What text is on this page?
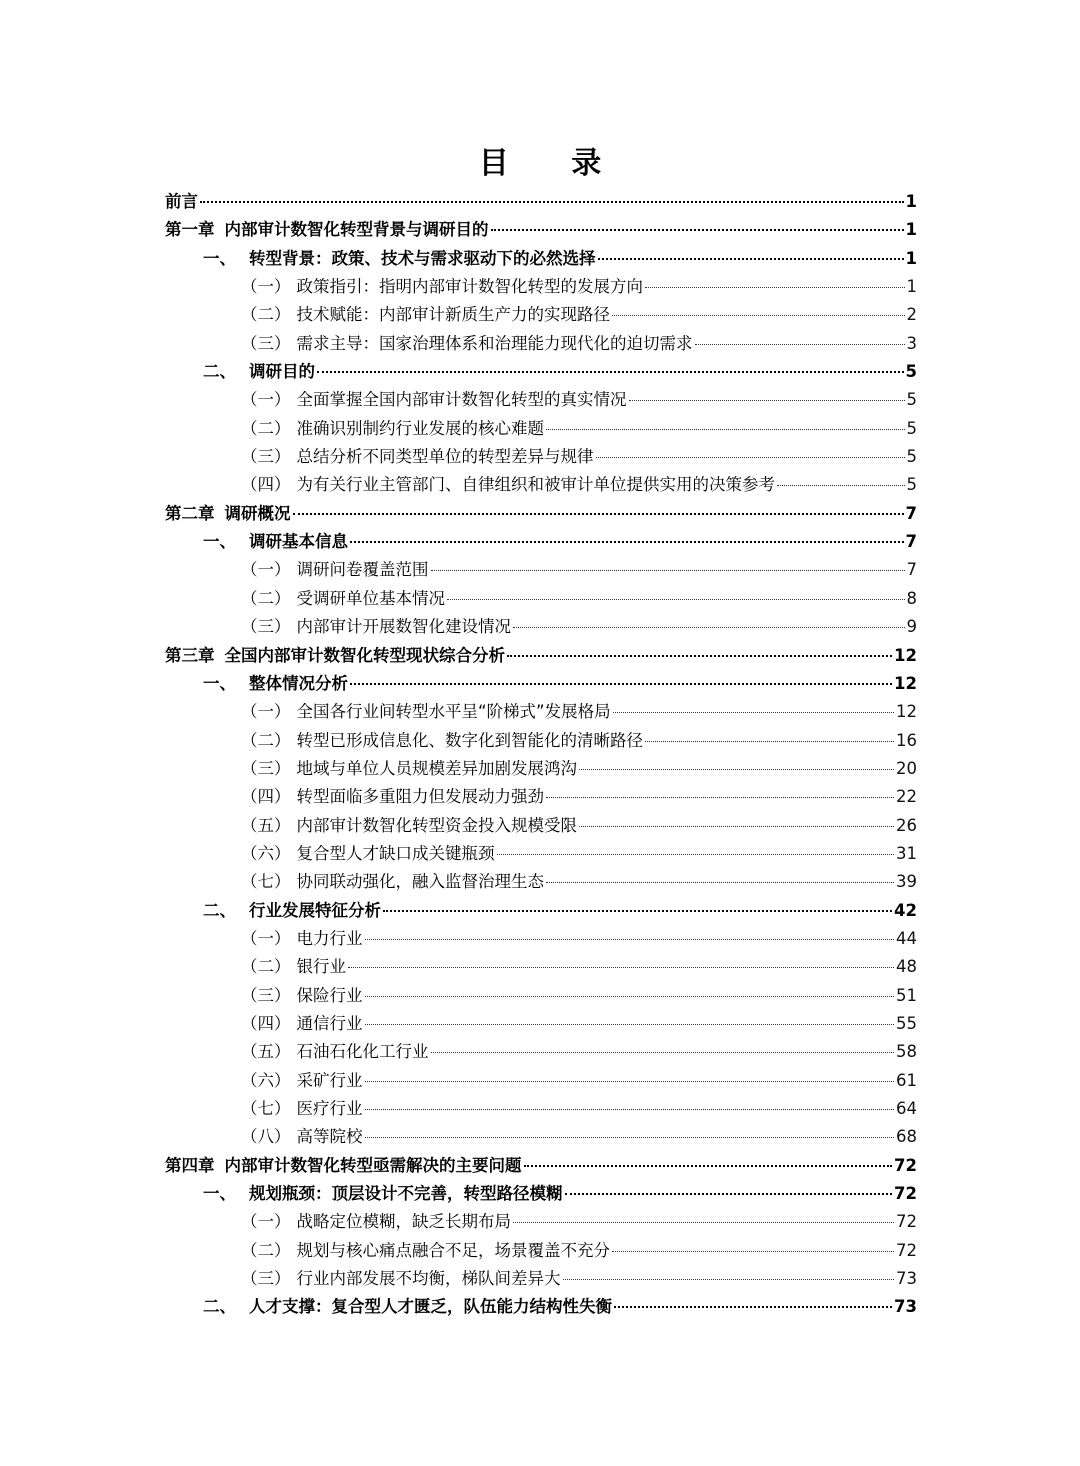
目 录
前言	1
第一章 内部审计数智化转型背景与调研目的	1
一、 转型背景：政策、技术与需求驱动下的必然选择	1
（一） 政策指引：指明内部审计数智化转型的发展方向	1
（二） 技术赋能：内部审计新质生产力的实现路径	2
（三） 需求主导：国家治理体系和治理能力现代化的迫切需求	3
二、 调研目的	5
（一） 全面掌握全国内部审计数智化转型的真实情况	5
（二） 准确识别制约行业发展的核心难题	5
（三） 总结分析不同类型单位的转型差异与规律	5
（四） 为有关行业主管部门、自律组织和被审计单位提供实用的决策参考	5
第二章 调研概况	7
一、 调研基本信息	7
（一） 调研问卷覆盖范围	7
（二） 受调研单位基本情况	8
（三） 内部审计开展数智化建设情况	9
第三章 全国内部审计数智化转型现状综合分析	12
一、 整体情况分析	12
（一） 全国各行业间转型水平呈“阶梯式”发展格局	12
（二） 转型已形成信息化、数字化到智能化的清晰路径	16
（三） 地域与单位人员规模差异加剧发展鸿沟	20
（四） 转型面临多重阻力但发展动力强劲	22
（五） 内部审计数智化转型资金投入规模受限	26
（六） 复合型人才缺口成关键瓶颈	31
（七） 协同联动强化，融入监督治理生态	39
二、 行业发展特征分析	42
（一） 电力行业	44
（二） 银行业	48
（三） 保险行业	51
（四） 通信行业	55
（五） 石油石化化工行业	58
（六） 采矿行业	61
（七） 医疗行业	64
（八） 高等院校	68
第四章 内部审计数智化转型亟需解决的主要问题	72
一、 规划瓶颈：顶层设计不完善，转型路径模糊	72
（一） 战略定位模糊，缺乏长期布局	72
（二） 规划与核心痛点融合不足，场景覆盖不充分	72
（三） 行业内部发展不均衡，梯队间差异大	73
二、 人才支撑：复合型人才匮乏，队伍能力结构性失衡	73
